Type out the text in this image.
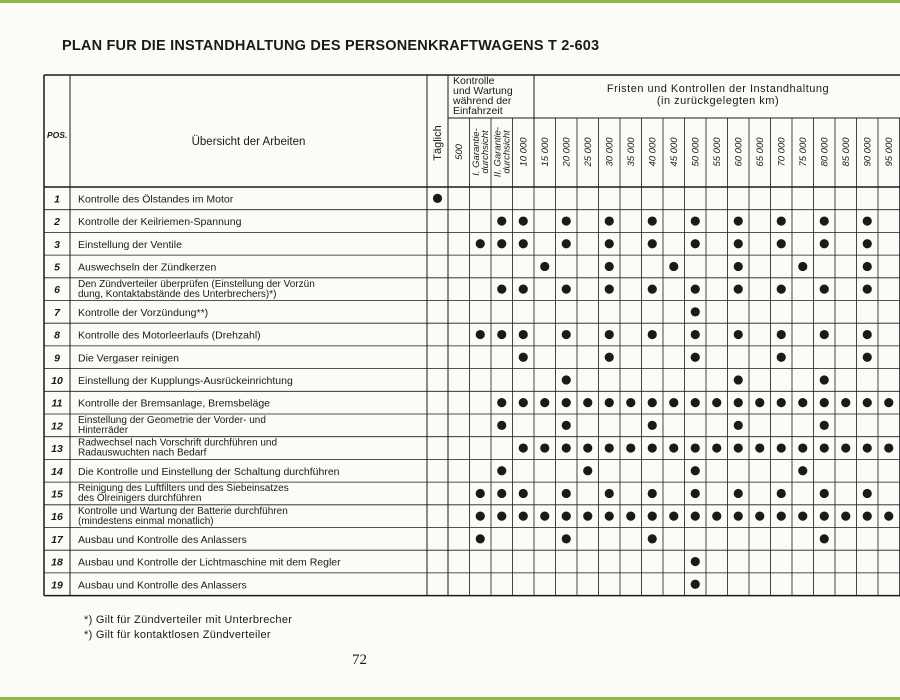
PLAN FUR DIE INSTANDHALTUNG DES PERSONENKRAFTWAGENS T 2-603
POS.
Übersicht der Arbeiten	Täglich
Kontrolle
und Wartung
während der
Einfahrzeit
Fristen und Kontrollen der Instandhaltung
(in zurückgelegten km)
500 I. Garantie-
durchsicht II. Garantie-
durchsicht 10 000 15 000 20 000 25 000 30 000 35 000 40 000 45 000 50 000 55 000 60 000 65 000 70 000 75 000 80 000 85 000 90 000 95 000
1 Kontrolle des Ölstandes im Motor
2 Kontrolle der Keilriemen-Spannung
3 Einstellung der Ventile
5 Auswechseln der Zündkerzen
6 Den Zündverteiler überprüfen (Einstellung der Vorzün
dung, Kontaktabstände des Unterbrechers)*)
7 Kontrolle der Vorzündung**)
8 Kontrolle des Motorleerlaufs (Drehzahl)
9 Die Vergaser reinigen
10 Einstellung der Kupplungs-Ausrückeinrichtung
11 Kontrolle der Bremsanlage, Bremsbeläge
12 Einstellung der Geometrie der Vorder- und
Hinterräder
13 Radwechsel nach Vorschrift durchführen und
Radauswuchten nach Bedarf
14 Die Kontrolle und Einstellung der Schaltung durchführen
15 Reinigung des Luftfilters und des Siebeinsatzes
des Ölreinigers durchführen
16 Kontrolle und Wartung der Batterie durchführen
(mindestens einmal monatlich)
17 Ausbau und Kontrolle des Anlassers
18 Ausbau und Kontrolle der Lichtmaschine mit dem Regler
19 Ausbau und Kontrolle des Anlassers
*) Gilt für Zündverteiler mit Unterbrecher
*) Gilt für kontaktlosen Zündverteiler
72
